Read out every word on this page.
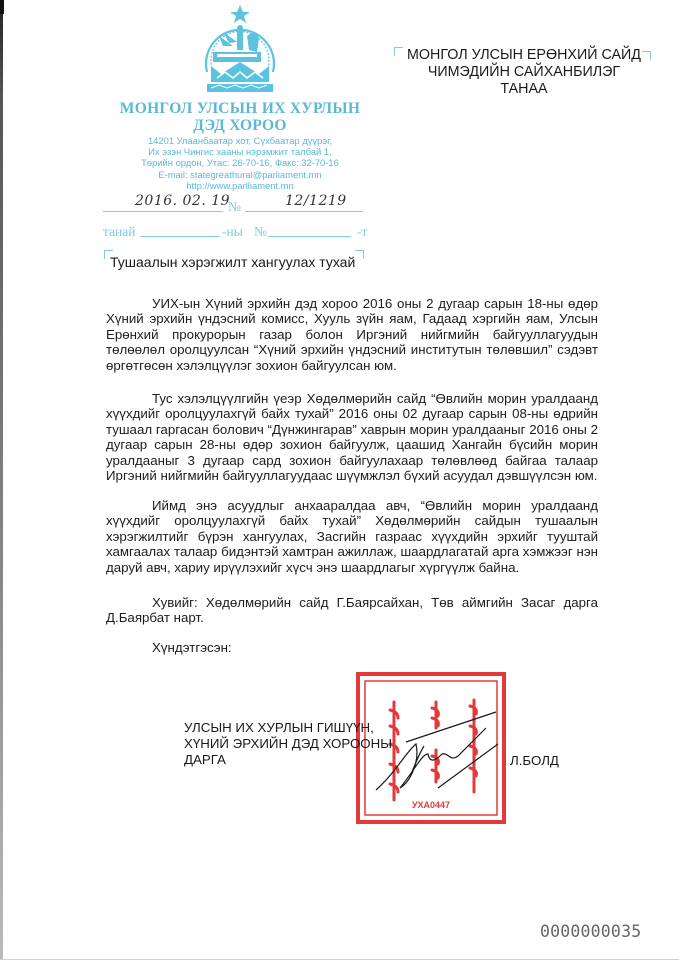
МОНГОЛ УЛСЫН ИХ ХУРЛЫН
ДЭД ХОРОО
14201 Улаанбаатар хот, Сүхбаатар дүүрэг,
Их эзэн Чингис хааны нэрэмжит талбай 1,
Төрийн ордон, Утас: 26-70-16, Факс: 32-70-16
E-mail: stategreathural@parliament.mn
http://www.parlliament.mn
2016. 02. 19
№	12/1219
танай	-ны №	-т
Тушаалын хэрэгжилт хангуулах тухай
МОНГОЛ УЛСЫН ЕРӨНХИЙ САЙД
ЧИМЭДИЙН САЙХАНБИЛЭГ
ТАНАА
УИХ-ын Хүний эрхийн дэд хороо 2016 оны 2 дугаар сарын 18-ны өдөр Хүний эрхийн үндэсний комисс, Хууль зүйн яам, Гадаад хэргийн яам, Улсын Ерөнхий прокурорын газар болон Иргэний нийгмийн байгууллагуудын төлөөлөл оролцуулсан “Хүний эрхийн үндэсний институтын төлөвшил” сэдэвт өргөтгөсөн хэлэлцүүлэг зохион байгуулсан юм.
Тус хэлэлцүүлгийн үеэр Хөдөлмөрийн сайд “Өвлийн морин уралдаанд хүүхдийг оролцуулахгүй байх тухай” 2016 оны 02 дугаар сарын 08-ны өдрийн тушаал гаргасан болович “Дүнжингарав” хаврын морин уралдааныг 2016 оны 2 дугаар сарын 28-ны өдөр зохион байгуулж, цаашид Хангайн бүсийн морин уралдааныг 3 дугаар сард зохион байгуулахаар төлөвлөөд байгаа талаар Иргэний нийгмийн байгууллагуудаас шүүмжлэл бүхий асуудал дэвшүүлсэн юм.
Иймд энэ асуудлыг анхааралдаа авч, “Өвлийн морин уралдаанд хүүхдийг оролцуулахгүй байх тухай” Хөдөлмөрийн сайдын тушаалын хэрэгжилтийг бүрэн хангуулах, Засгийн газраас хүүхдийн эрхийг тууштай хамгаалах талаар бидэнтэй хамтран ажиллаж, шаардлагатай арга хэмжээг нэн даруй авч, хариу ирүүлэхийг хүсч энэ шаардлагыг хүргүүлж байна.
Хувийг: Хөдөлмөрийн сайд Г.Баярсайхан, Төв аймгийн Засаг дарга Д.Баярбат нарт.
Хүндэтгэсэн:
УХА0447
УЛСЫН ИХ ХУРЛЫН ГИШҮҮН,
ХҮНИЙ ЭРХИЙН ДЭД ХОРООНЫ
ДАРГА	Л.БОЛД
0000000035
